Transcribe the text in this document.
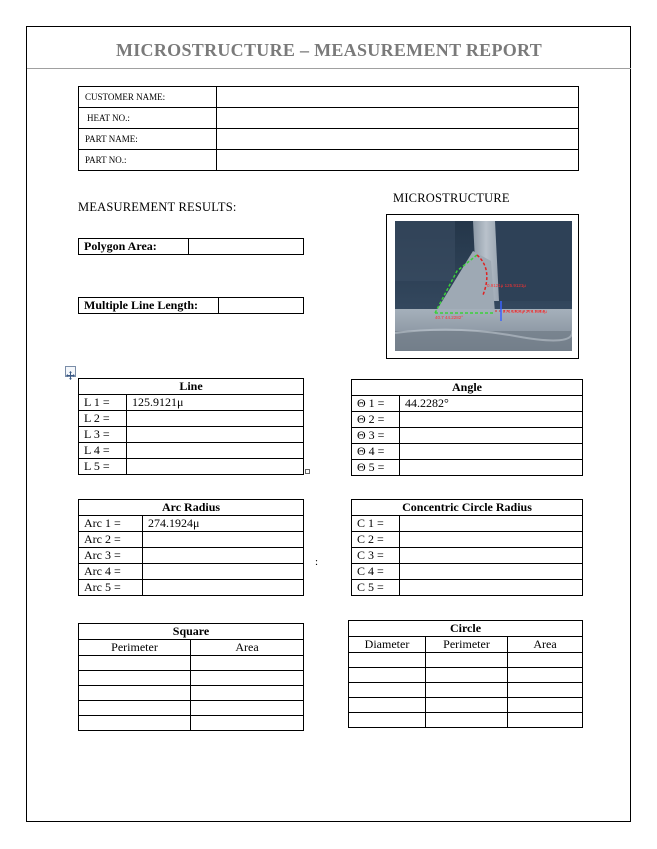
MICROSTRUCTURE – MEASUREMENT REPORT
CUSTOMER NAME:	
HEAT NO.:	
PART NAME:	
PART NO.:	
MEASUREMENT RESULTS:
MICROSTRUCTURE
Polygon Area:	
Multiple Line Length:	
40.7 44.2282°
0.9121μ 125.9121μ
274.1924μ 274.1924μ
Line	
L 1 =	125.9121μ
L 2 =	
L 3 =	
L 4 =	
L 5 =	
Angle	
Θ 1 =	44.2282°
Θ 2 =	
Θ 3 =	
Θ 4 =	
Θ 5 =	
Arc Radius	
Arc 1 =	274.1924μ
Arc 2 =	
Arc 3 =	
Arc 4 =	
Arc 5 =	
:
Concentric Circle Radius	
C 1 =	
C 2 =	
C 3 =	
C 4 =	
C 5 =	
Square	
Perimeter	Area

Circle		
Diameter	Perimeter	Area
